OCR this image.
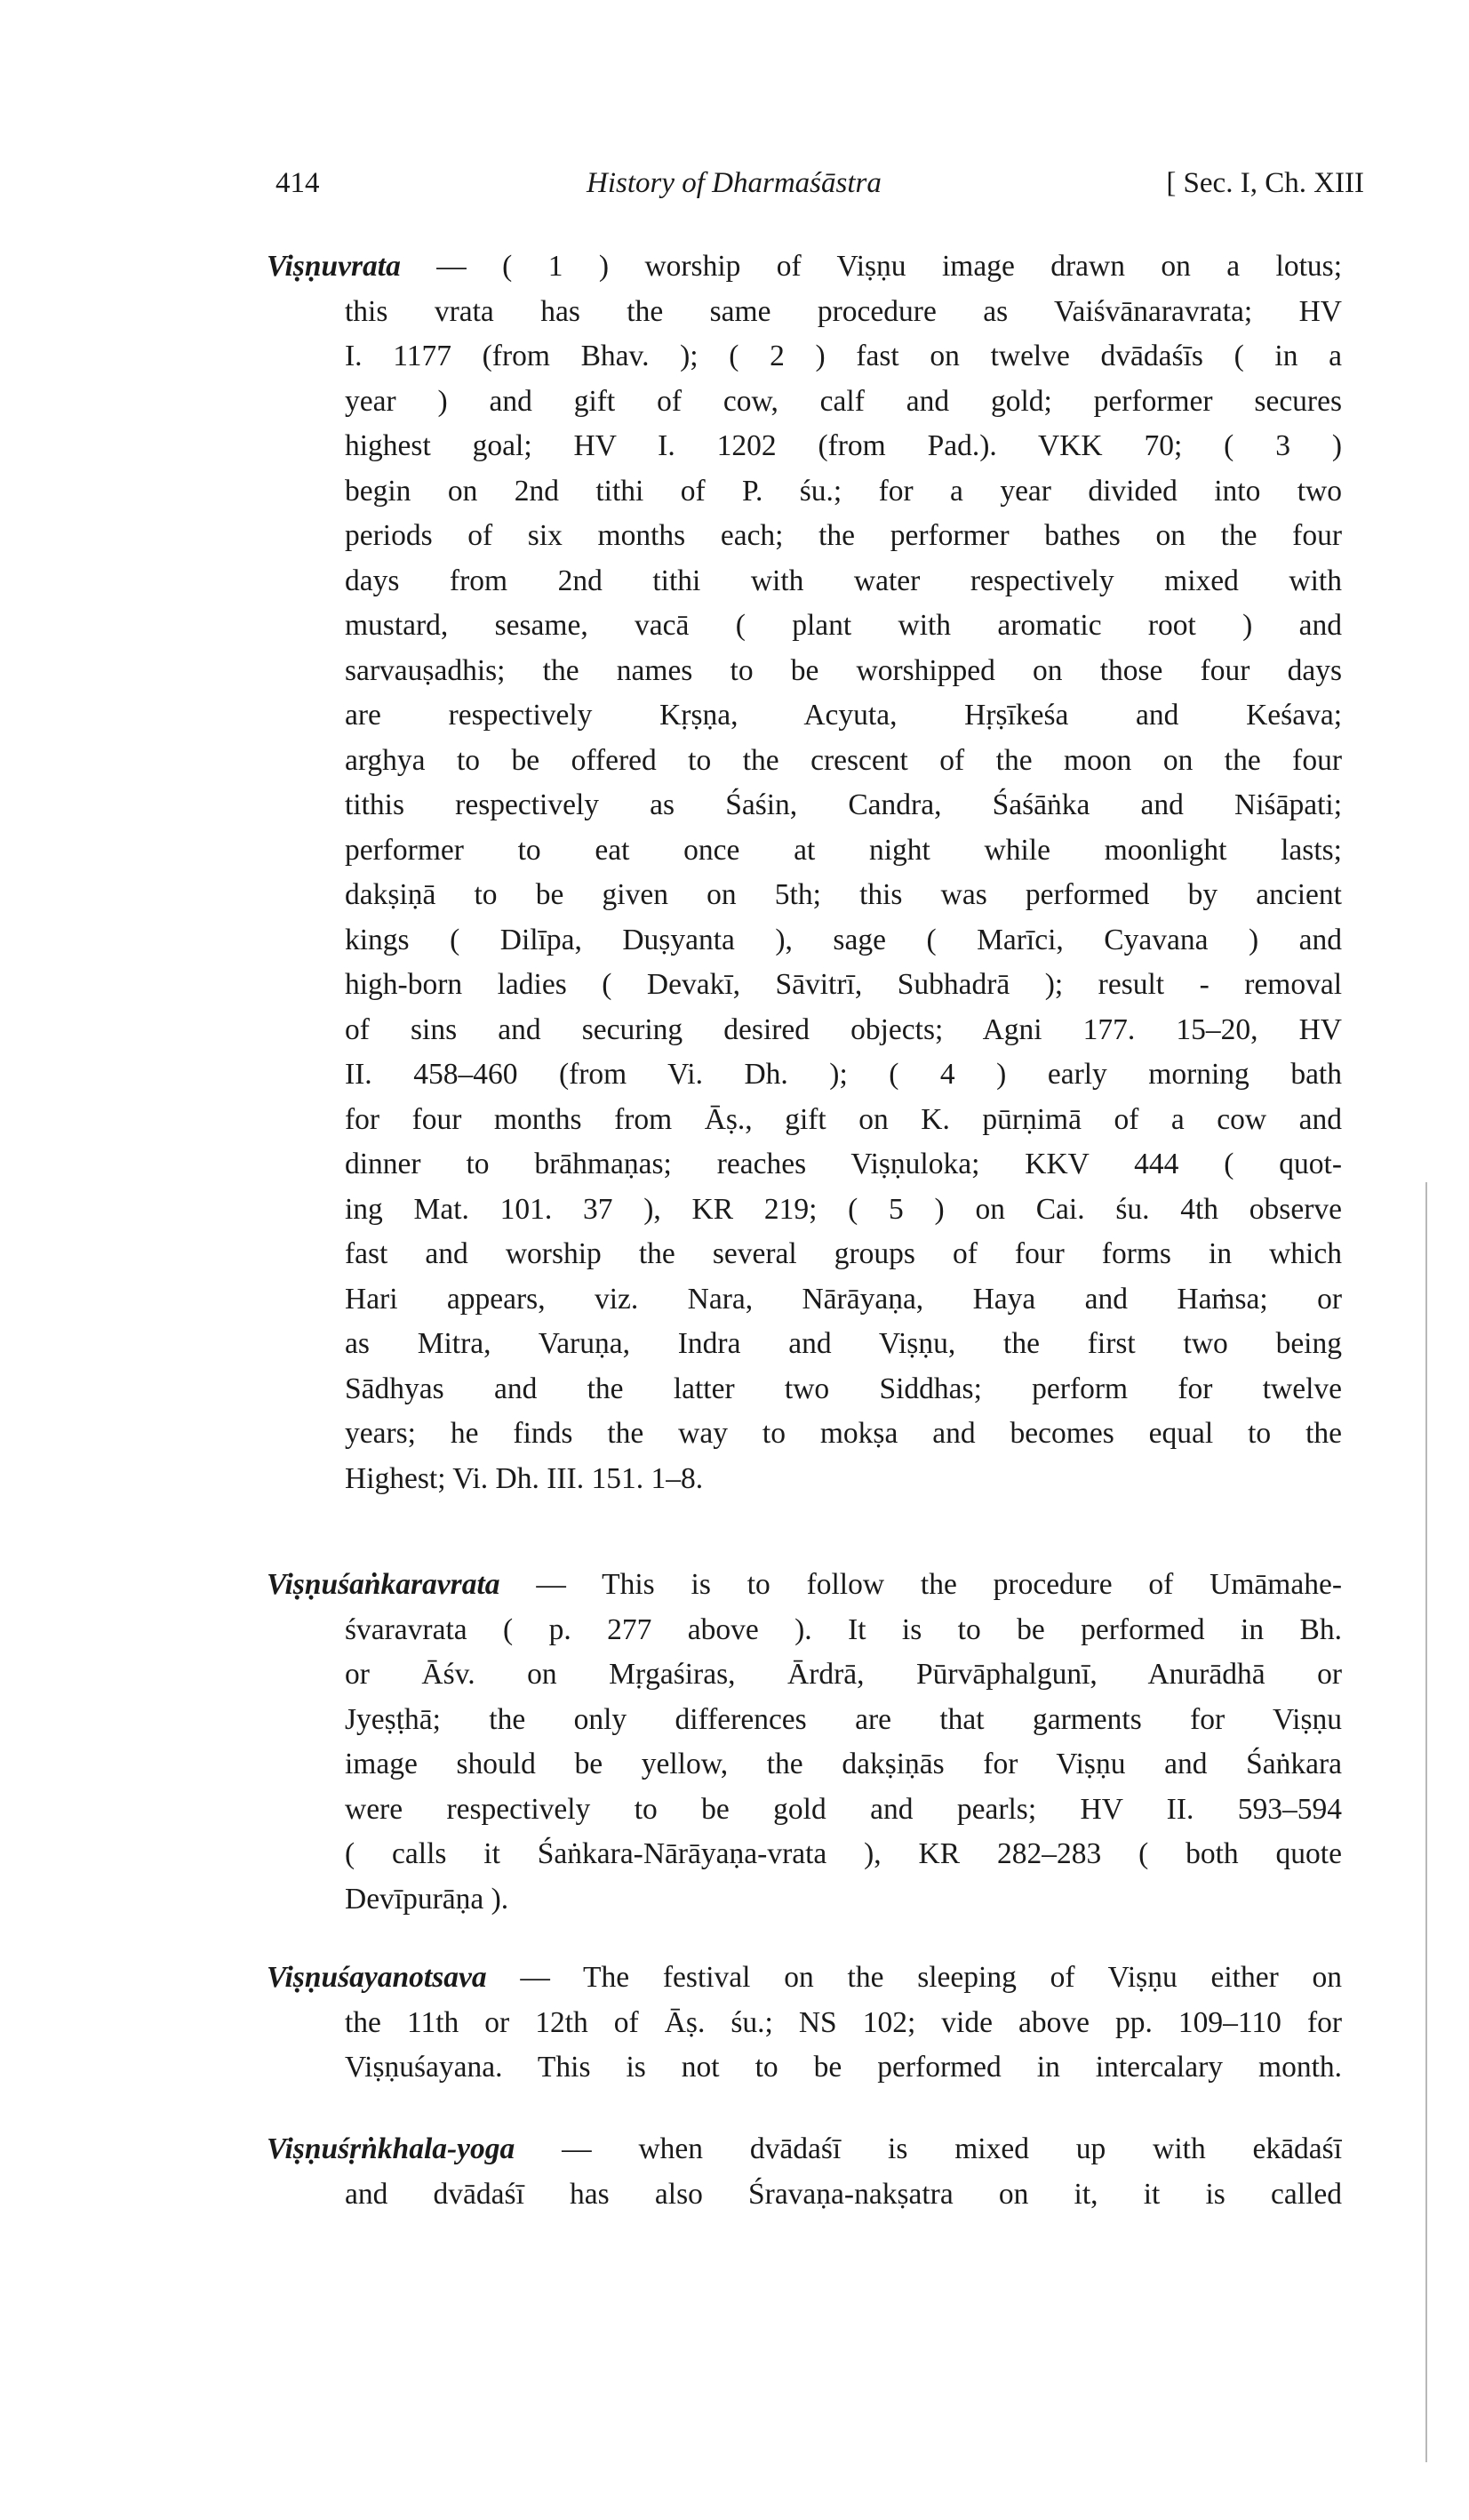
414	History of Dharmaśāstra	[ Sec. I, Ch. XIII
Viṣṇuvrata — ( 1 ) worship of Viṣṇu image drawn on a lotus;
this vrata has the same procedure as Vaiśvānaravrata; HV
I. 1177 (from Bhav. ); ( 2 ) fast on twelve dvādaśīs ( in a
year ) and gift of cow, calf and gold; performer secures
highest goal; HV I. 1202 (from Pad.). VKK 70; ( 3 )
begin on 2nd tithi of P. śu.; for a year divided into two
periods of six months each; the performer bathes on the four
days from 2nd tithi with water respectively mixed with
mustard, sesame, vacā ( plant with aromatic root ) and
sarvauṣadhis; the names to be worshipped on those four days
are respectively Kṛṣṇa, Acyuta, Hṛṣīkeśa and Keśava;
arghya to be offered to the crescent of the moon on the four
tithis respectively as Śaśin, Candra, Śaśāṅka and Niśāpati;
performer to eat once at night while moonlight lasts;
dakṣiṇā to be given on 5th; this was performed by ancient
kings ( Dilīpa, Duṣyanta ), sage ( Marīci, Cyavana ) and
high-born ladies ( Devakī, Sāvitrī, Subhadrā ); result - removal
of sins and securing desired objects; Agni 177. 15–20, HV
II. 458–460 (from Vi. Dh. ); ( 4 ) early morning bath
for four months from Āṣ., gift on K. pūrṇimā of a cow and
dinner to brāhmaṇas; reaches Viṣṇuloka; KKV 444 ( quot-
ing Mat. 101. 37 ), KR 219; ( 5 ) on Cai. śu. 4th observe
fast and worship the several groups of four forms in which
Hari appears, viz. Nara, Nārāyaṇa, Haya and Haṁsa; or
as Mitra, Varuṇa, Indra and Viṣṇu, the first two being
Sādhyas and the latter two Siddhas; perform for twelve
years; he finds the way to mokṣa and becomes equal to the
Highest; Vi. Dh. III. 151. 1–8.
Viṣṇuśaṅkaravrata — This is to follow the procedure of Umāmahe-
śvaravrata ( p. 277 above ). It is to be performed in Bh.
or Āśv. on Mṛgaśiras, Ārdrā, Pūrvāphalgunī, Anurādhā or
Jyeṣṭhā; the only differences are that garments for Viṣṇu
image should be yellow, the dakṣiṇās for Viṣṇu and Śaṅkara
were respectively to be gold and pearls; HV II. 593–594
( calls it Śaṅkara-Nārāyaṇa-vrata ), KR 282–283 ( both quote
Devīpurāṇa ).
Viṣṇuśayanotsava — The festival on the sleeping of Viṣṇu either on
the 11th or 12th of Āṣ. śu.; NS 102; vide above pp. 109–110 for
Viṣṇuśayana. This is not to be performed in intercalary month.
Viṣṇuśṛṅkhala-yoga — when dvādaśī is mixed up with ekādaśī
and dvādaśī has also Śravaṇa-nakṣatra on it, it is called
